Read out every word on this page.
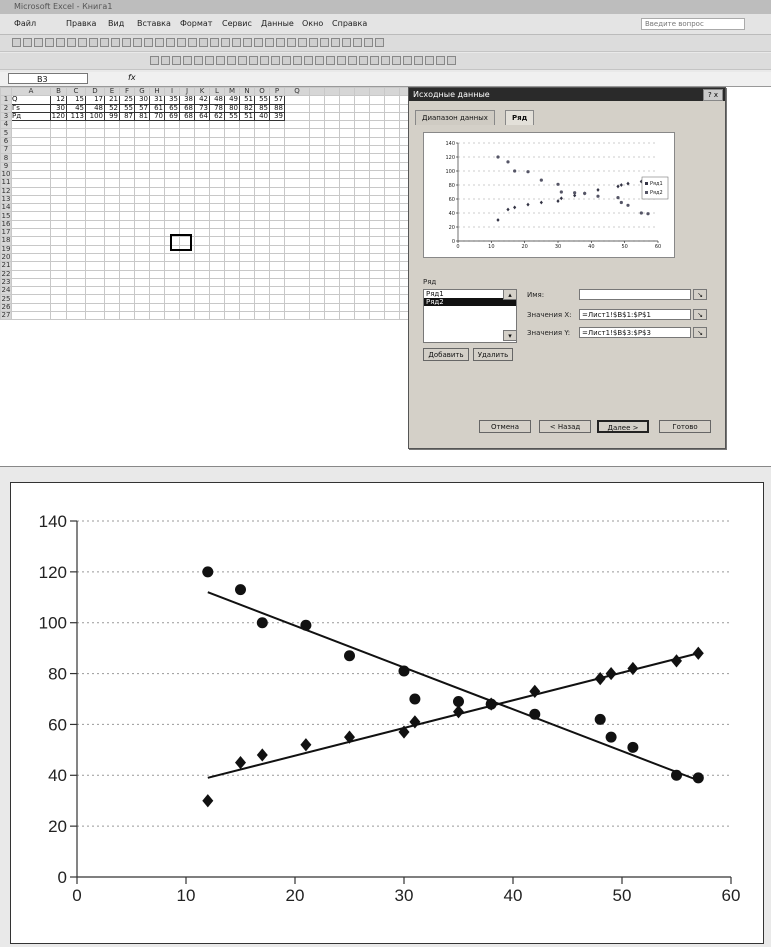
Microsoft Excel - Книга1
Файл	Правка Вид Вставка Формат Сервис Данные Окно Справка	Введите вопрос
B3	fx
	A	B	C	D	E	F	G	H	I	J	K	L	M	N	O	P	Q																		
1	Q	12	15	17	21	25	30	31	35	38	42	48	49	51	55	57																			
2	Гs	30	45	48	52	55	57	61	65	68	73	78	80	82	85	88																			
3	Рд	120	113	100	99	87	81	70	69	68	64	62	55	51	40	39																			
4																																			
5																																			
6																																			
7																																			
8																																			
9																																			
10																																			
11																																			
12																																			
13																																			
14																																			
15																																			
16																																			
17																																			
18																																			
19																																			
20																																			
21																																			
22																																			
23																																			
24																																			
25																																			
26																																			
27																																			
Исходные данные	? x
Диапазон данных	Ряд
0
20
40
60
80
100
120
140
0	10	20	30	40	50	60
Ряд1
Ряд2
Ряд
Ряд1
Ряд2
▴
▾
Имя:	↘
Значения X:	=Лист1!$B$1:$P$1	↘
Значения Y:	=Лист1!$B$3:$P$3	↘
Добавить	Удалить
Отмена	< Назад	Далее >	Готово
0
20
40
60
80
100
120
140
0	10	20	30	40	50	60
